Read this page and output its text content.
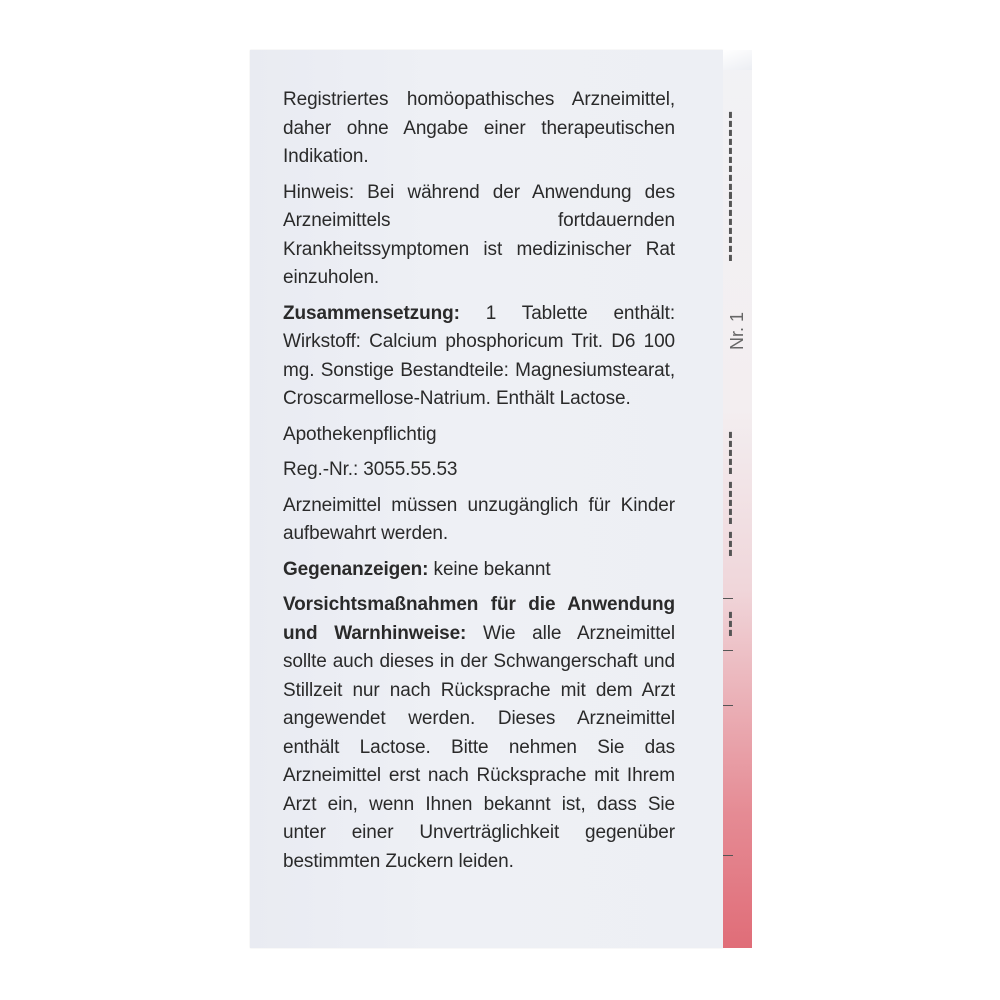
▮▮▮▮▮▮▮▮▮▮
▮▮▮▮▮▮▮▮
Nr. 1
▮▮▮▮▮
▮▮▮▮▮
▮▮▮
▮▮▮

Registriertes homöopathisches Arzneimittel, daher ohne Angabe einer therapeutischen Indikation.

Hinweis: Bei während der Anwendung des Arzneimittels fortdauernden Krankheitssymptomen ist medizinischer Rat einzuholen.

Zusammensetzung: 1 Tablette enthält: Wirkstoff: Calcium phosphoricum Trit. D6 100 mg. Sonstige Bestandteile: Magnesiumstearat, Croscarmellose-Natrium. Enthält Lactose.

Apothekenpflichtig

Reg.-Nr.: 3055.55.53

Arzneimittel müssen unzugänglich für Kinder aufbewahrt werden.

Gegenanzeigen: keine bekannt

Vorsichtsmaßnahmen für die Anwendung und Warnhinweise: Wie alle Arzneimittel sollte auch dieses in der Schwangerschaft und Stillzeit nur nach Rücksprache mit dem Arzt angewendet werden. Dieses Arzneimittel enthält Lactose. Bitte nehmen Sie das Arzneimittel erst nach Rücksprache mit Ihrem Arzt ein, wenn Ihnen bekannt ist, dass Sie unter einer Unverträglichkeit gegenüber bestimmten Zuckern leiden.
